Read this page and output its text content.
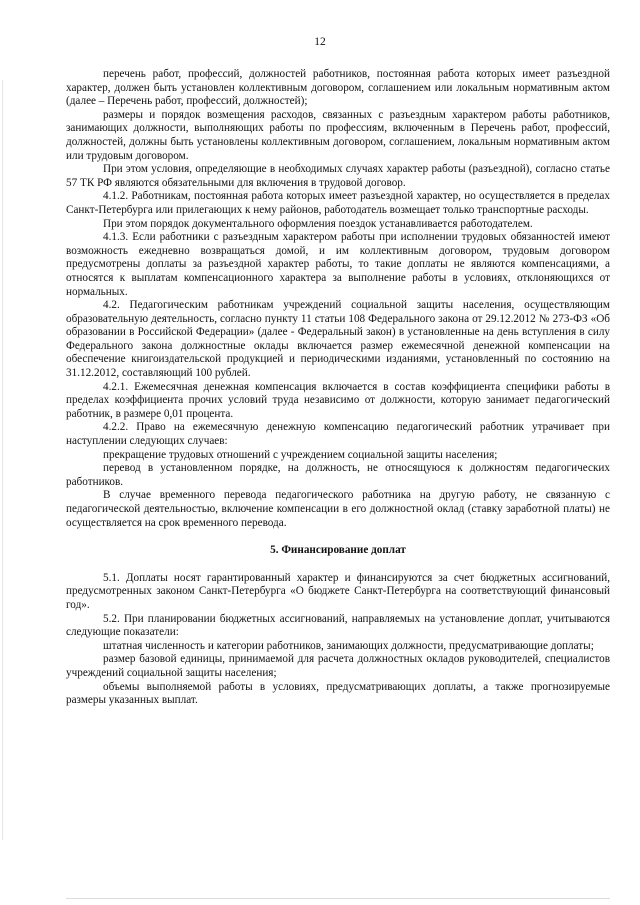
12

перечень работ, профессий, должностей работников, постоянная работа которых имеет разъездной характер, должен быть установлен коллективным договором, соглашением или локальным нормативным актом (далее – Перечень работ, профессий, должностей);

размеры и порядок возмещения расходов, связанных с разъездным характером работы работников, занимающих должности, выполняющих работы по профессиям, включенным в Перечень работ, профессий, должностей, должны быть установлены коллективным договором, соглашением, локальным нормативным актом или трудовым договором.

При этом условия, определяющие в необходимых случаях характер работы (разъездной), согласно статье 57 ТК РФ являются обязательными для включения в трудовой договор.

4.1.2. Работникам, постоянная работа которых имеет разъездной характер, но осуществляется в пределах Санкт-Петербурга или прилегающих к нему районов, работодатель возмещает только транспортные расходы.

При этом порядок документального оформления поездок устанавливается работодателем.

4.1.3. Если работники с разъездным характером работы при исполнении трудовых обязанностей имеют возможность ежедневно возвращаться домой, и им коллективным договором, трудовым договором предусмотрены доплаты за разъездной характер работы, то такие доплаты не являются компенсациями, а относятся к выплатам компенсационного характера за выполнение работы в условиях, отклоняющихся от нормальных.

4.2. Педагогическим работникам учреждений социальной защиты населения, осуществляющим образовательную деятельность, согласно пункту 11 статьи 108 Федерального закона от 29.12.2012 № 273-ФЗ «Об образовании в Российской Федерации» (далее - Федеральный закон) в установленные на день вступления в силу Федерального закона должностные оклады включается размер ежемесячной денежной компенсации на обеспечение книгоиздательской продукцией и периодическими изданиями, установленный по состоянию на 31.12.2012, составляющий 100 рублей.

4.2.1. Ежемесячная денежная компенсация включается в состав коэффициента специфики работы в пределах коэффициента прочих условий труда независимо от должности, которую занимает педагогический работник, в размере 0,01 процента.

4.2.2. Право на ежемесячную денежную компенсацию педагогический работник утрачивает при наступлении следующих случаев:

прекращение трудовых отношений с учреждением социальной защиты населения;

перевод в установленном порядке, на должность, не относящуюся к должностям педагогических работников.

В случае временного перевода педагогического работника на другую работу, не связанную с педагогической деятельностью, включение компенсации в его должностной оклад (ставку заработной платы) не осуществляется на срок временного перевода.

5. Финансирование доплат

5.1. Доплаты носят гарантированный характер и финансируются за счет бюджетных ассигнований, предусмотренных законом Санкт-Петербурга «О бюджете Санкт-Петербурга на соответствующий финансовый год».

5.2. При планировании бюджетных ассигнований, направляемых на установление доплат, учитываются следующие показатели:

штатная численность и категории работников, занимающих должности, предусматривающие доплаты;

размер базовой единицы, принимаемой для расчета должностных окладов руководителей, специалистов учреждений социальной защиты населения;

объемы выполняемой работы в условиях, предусматривающих доплаты, а также прогнозируемые размеры указанных выплат.
